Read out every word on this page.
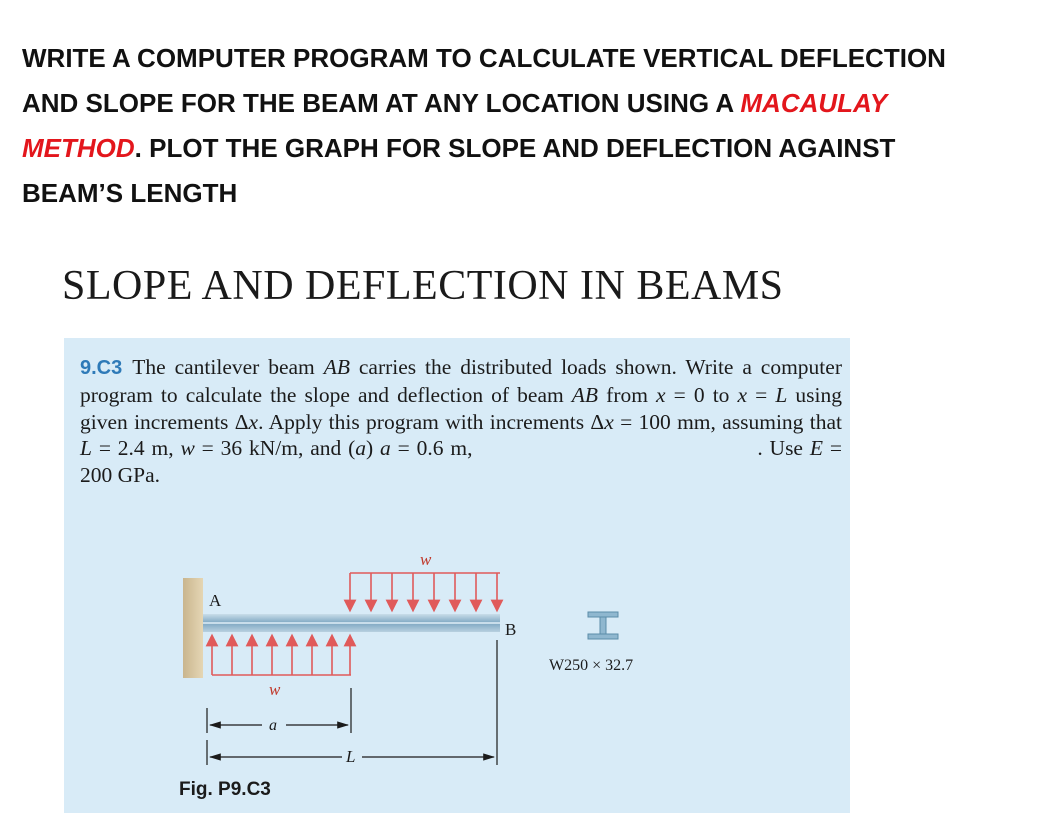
WRITE A COMPUTER PROGRAM TO CALCULATE VERTICAL DEFLECTION
AND SLOPE FOR THE BEAM AT ANY LOCATION USING A MACAULAY
METHOD. PLOT THE GRAPH FOR SLOPE AND DEFLECTION AGAINST
BEAM’S LENGTH
SLOPE AND DEFLECTION IN BEAMS
9.C3 The cantilever beam AB carries the distributed loads shown. Write a computer program to calculate the slope and deflection of beam AB from x = 0 to x = L using given increments Δx. Apply this program with increments Δx = 100 mm, assuming that L = 2.4 m, w = 36 kN/m, and (a) a = 0.6 m,	. Use E = 200 GPa.
w
w
A
B
a
L
W250 × 32.7
Fig. P9.C3
